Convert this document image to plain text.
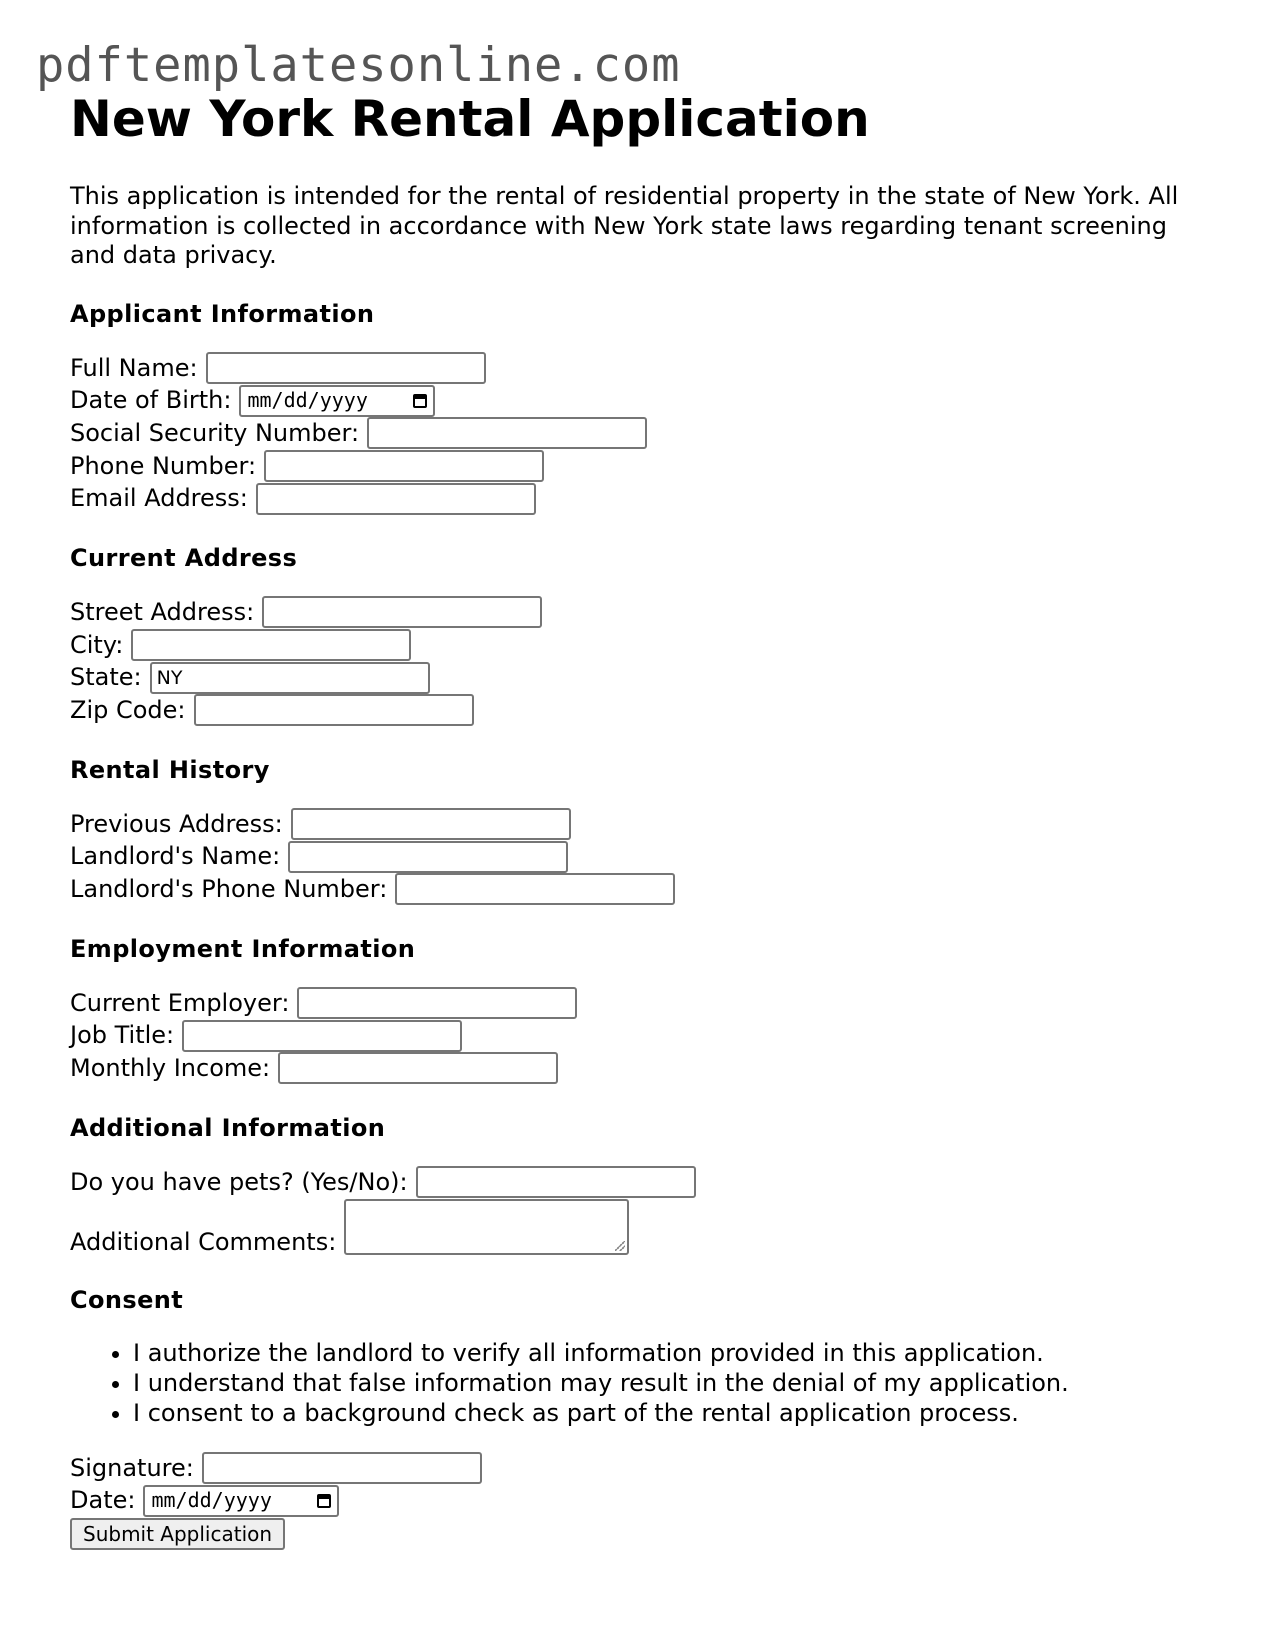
pdftemplatesonline.com
New York Rental Application

This application is intended for the rental of residential property in the state of New York. All information is collected in accordance with New York state laws regarding tenant screening and data privacy.

Applicant Information
Full Name:
Date of Birth: mm/dd/yyyy
Social Security Number:
Phone Number:
Email Address:
Current Address
Street Address:
City:
State:
NY
Zip Code:
Rental History
Previous Address:
Landlord's Name:
Landlord's Phone Number:
Employment Information
Current Employer:
Job Title:
Monthly Income:
Additional Information
Do you have pets? (Yes/No):
Additional Comments:
Consent
• I authorize the landlord to verify all information provided in this application.
• I understand that false information may result in the denial of my application.
• I consent to a background check as part of the rental application process.
Signature:
Date: mm/dd/yyyy
Submit Application
